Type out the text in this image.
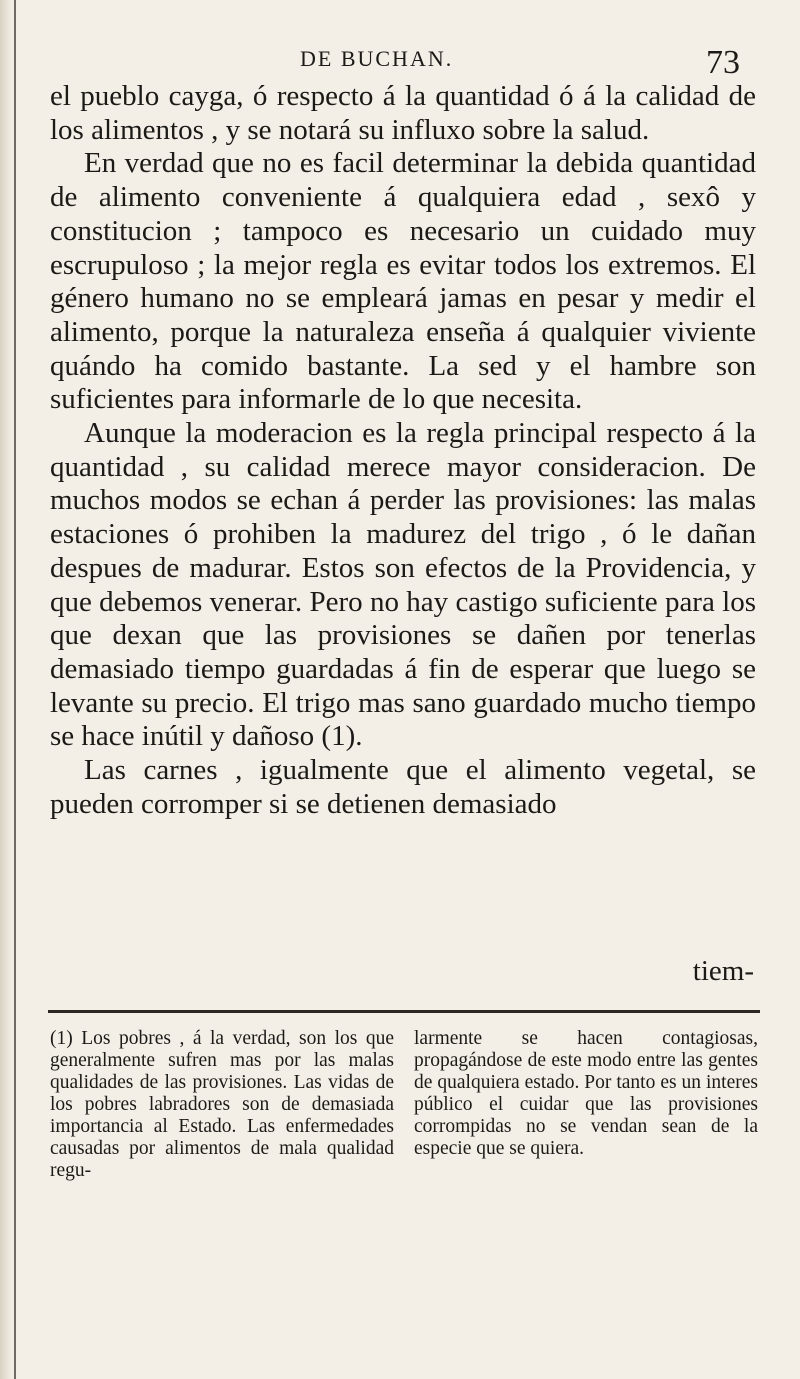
DE BUCHAN.	73

el pueblo cayga, ó respecto á la quantidad ó á la calidad de los alimentos , y se notará su influxo sobre la salud.

En verdad que no es facil determinar la debida quantidad de alimento conveniente á qualquiera edad , sexô y constitucion ; tampoco es necesario un cuidado muy escrupuloso ; la mejor regla es evitar todos los extremos. El género humano no se empleará jamas en pesar y medir el alimento, porque la naturaleza enseña á qualquier viviente quándo ha comido bastante. La sed y el hambre son suficientes para informarle de lo que necesita.

Aunque la moderacion es la regla principal respecto á la quantidad , su calidad merece mayor consideracion. De muchos modos se echan á perder las provisiones: las malas estaciones ó prohiben la madurez del trigo , ó le dañan despues de madurar. Estos son efectos de la Providencia, y que debemos venerar. Pero no hay castigo suficiente para los que dexan que las provisiones se dañen por tenerlas demasiado tiempo guardadas á fin de esperar que luego se levante su precio. El trigo mas sano guardado mucho tiempo se hace inútil y dañoso (1).

Las carnes , igualmente que el alimento vegetal, se pueden corromper si se detienen demasiado

tiem-

(1) Los pobres , á la verdad, son los que generalmente sufren mas por las malas qualidades de las provisiones. Las vidas de los pobres labradores son de demasiada importancia al Estado. Las enfermedades causadas por alimentos de mala qualidad regu-

larmente se hacen contagiosas, propagándose de este modo entre las gentes de qualquiera estado. Por tanto es un interes público el cuidar que las provisiones corrompidas no se vendan sean de la especie que se quiera.
